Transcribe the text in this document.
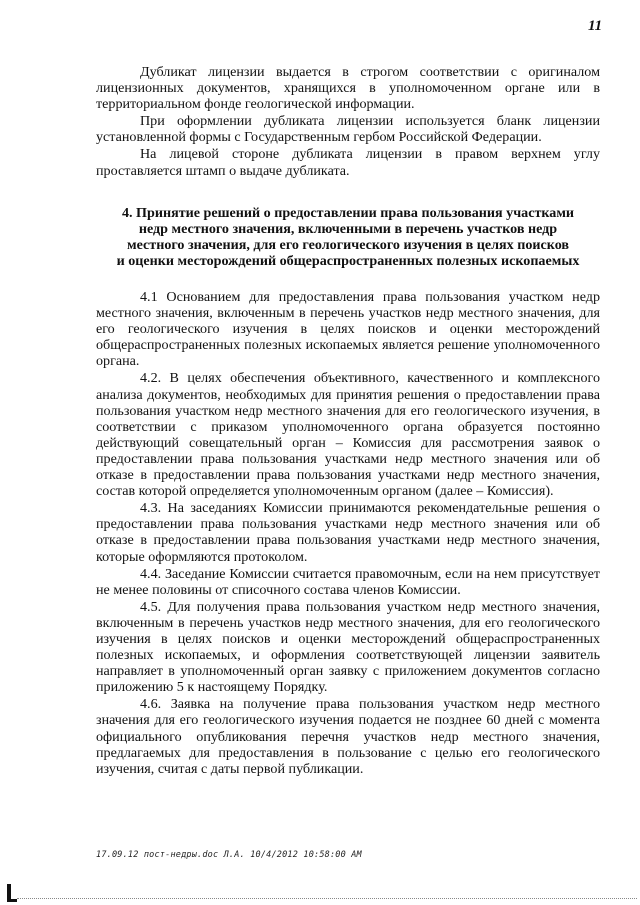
11

Дубликат лицензии выдается в строгом соответствии с оригиналом лицензионных документов, хранящихся в уполномоченном органе или в территориальном фонде геологической информации.

При оформлении дубликата лицензии используется бланк лицензии установленной формы с Государственным гербом Российской Федерации.

На лицевой стороне дубликата лицензии в правом верхнем углу проставляется штамп о выдаче дубликата.

4. Принятие решений о предоставлении права пользования участками
недр местного значения, включенными в перечень участков недр
местного значения, для его геологического изучения в целях поисков
и оценки месторождений общераспространенных полезных ископаемых

4.1 Основанием для предоставления права пользования участком недр местного значения, включенным в перечень участков недр местного значения, для его геологического изучения в целях поисков и оценки месторождений общераспространенных полезных ископаемых является решение уполномоченного органа.

4.2. В целях обеспечения объективного, качественного и комплексного анализа документов, необходимых для принятия решения о предоставлении права пользования участком недр местного значения для его геологического изучения, в соответствии с приказом уполномоченного органа образуется постоянно действующий совещательный орган – Комиссия для рассмотрения заявок о предоставлении права пользования участками недр местного значения или об отказе в предоставлении права пользования участками недр местного значения, состав которой определяется уполномоченным органом (далее – Комиссия).

4.3. На заседаниях Комиссии принимаются рекомендательные решения о предоставлении права пользования участками недр местного значения или об отказе в предоставлении права пользования участками недр местного значения, которые оформляются протоколом.

4.4. Заседание Комиссии считается правомочным, если на нем присутствует не менее половины от списочного состава членов Комиссии.

4.5. Для получения права пользования участком недр местного значения, включенным в перечень участков недр местного значения, для его геологического изучения в целях поисков и оценки месторождений общераспространенных полезных ископаемых, и оформления соответствующей лицензии заявитель направляет в уполномоченный орган заявку с приложением документов согласно приложению 5 к настоящему Порядку.

4.6. Заявка на получение права пользования участком недр местного значения для его геологического изучения подается не позднее 60 дней с момента официального опубликования перечня участков недр местного значения, предлагаемых для предоставления в пользование с целью его геологического изучения, считая с даты первой публикации.

17.09.12 пост-недры.doc Л.А. 10/4/2012 10:58:00 AM
